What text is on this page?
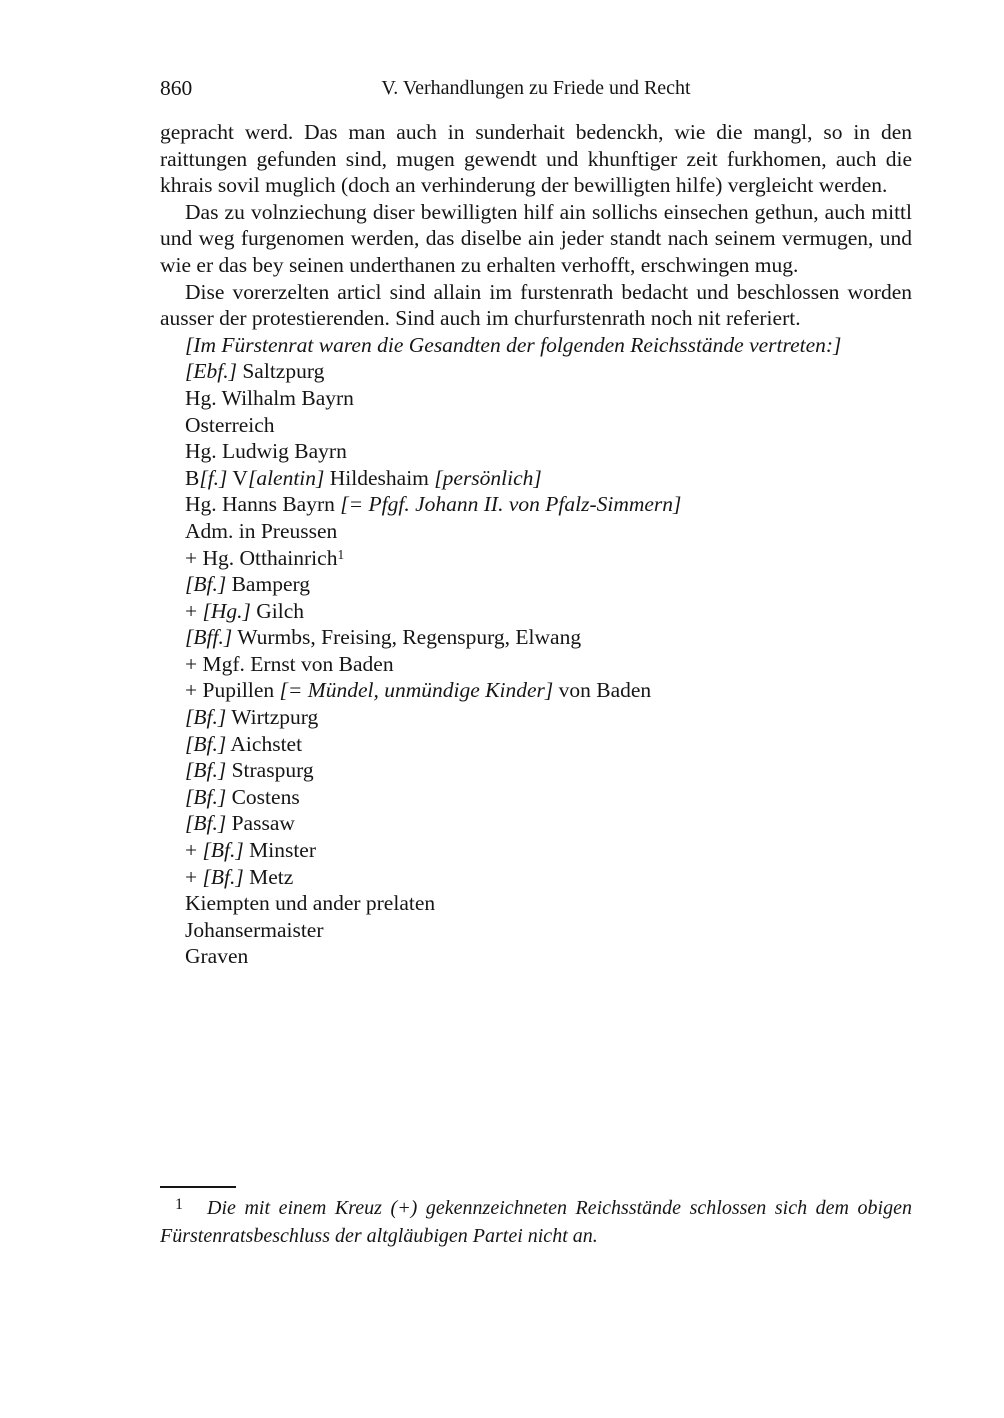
860	V. Verhandlungen zu Friede und Recht

gepracht werd. Das man auch in sunderhait bedenckh, wie die mangl, so in den raittungen gefunden sind, mugen gewendt und khunftiger zeit furkhomen, auch die khrais sovil muglich (doch an verhinderung der bewilligten hilfe) vergleicht werden.

Das zu volnziechung diser bewilligten hilf ain sollichs einsechen gethun, auch mittl und weg furgenomen werden, das diselbe ain jeder standt nach seinem vermugen, und wie er das bey seinen underthanen zu erhalten verhofft, erschwingen mug.

Dise vorerzelten articl sind allain im furstenrath bedacht und beschlossen worden ausser der protestierenden. Sind auch im churfurstenrath noch nit referiert.

[Im Fürstenrat waren die Gesandten der folgenden Reichsstände vertreten:]
[Ebf.] Saltzpurg
Hg. Wilhalm Bayrn
Osterreich
Hg. Ludwig Bayrn
B[f.] V[alentin] Hildeshaim [persönlich]
Hg. Hanns Bayrn [= Pfgf. Johann II. von Pfalz-Simmern]
Adm. in Preussen
+ Hg. Otthainrich$^1$
[Bf.] Bamperg
+ [Hg.] Gilch
[Bff.] Wurmbs, Freising, Regenspurg, Elwang
+ Mgf. Ernst von Baden
+ Pupillen [= Mündel, unmündige Kinder] von Baden
[Bf.] Wirtzpurg
[Bf.] Aichstet
[Bf.] Straspurg
[Bf.] Costens
[Bf.] Passaw
+ [Bf.] Minster
+ [Bf.] Metz
Kiempten und ander prelaten
Johansermaister
Graven

$^1$ Die mit einem Kreuz (+) gekennzeichneten Reichsstände schlossen sich dem obigen Fürstenratsbeschluss der altgläubigen Partei nicht an.
